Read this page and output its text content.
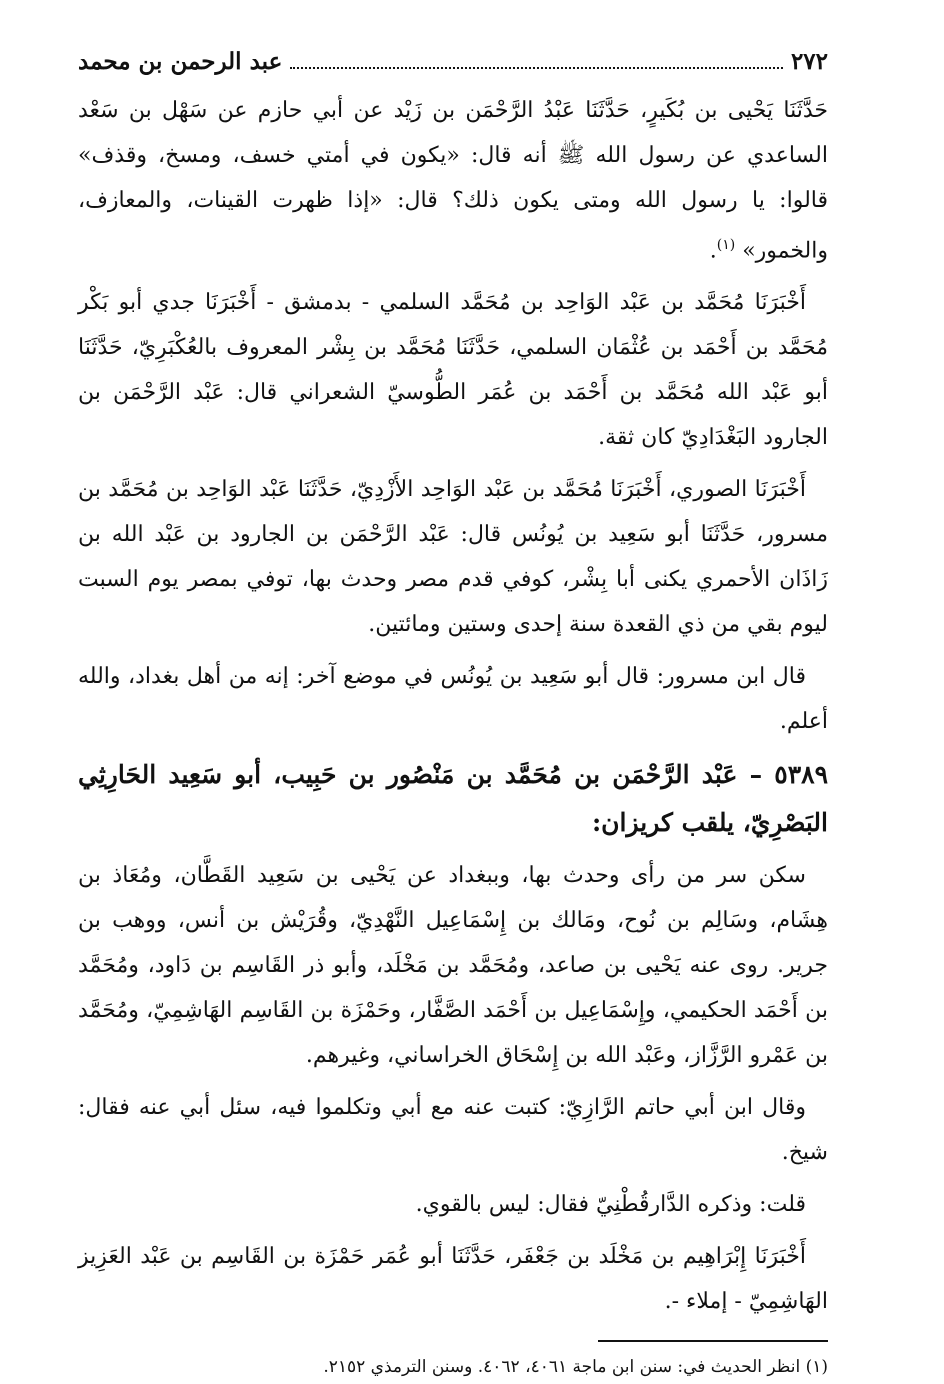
٢٧٢
عبد الرحمن بن محمد

حَدَّثَنَا يَحْيى بن بُكَيرٍ، حَدَّثَنَا عَبْدُ الرَّحْمَن بن زَيْد عن أبي حازم عن سَهْل بن سَعْد الساعدي عن رسول الله ﷺ أنه قال: «يكون في أمتي خسف، ومسخ، وقذف» قالوا: يا رسول الله ومتى يكون ذلك؟ قال: «إذا ظهرت القينات، والمعازف، والخمور» $^{(١)}$.

أَخْبَرَنَا مُحَمَّد بن عَبْد الوَاحِد بن مُحَمَّد السلمي - بدمشق - أَخْبَرَنَا جدي أبو بَكْر مُحَمَّد بن أَحْمَد بن عُثْمَان السلمي، حَدَّثَنَا مُحَمَّد بن بِشْر المعروف بالعُكْبَرِيّ، حَدَّثَنَا أبو عَبْد الله مُحَمَّد بن أَحْمَد بن عُمَر الطُّوسيّ الشعراني قال: عَبْد الرَّحْمَن بن الجارود البَغْدَادِيّ كان ثقة.

أَخْبَرَنَا الصوري، أَخْبَرَنَا مُحَمَّد بن عَبْد الوَاحِد الأَزْدِيّ، حَدَّثَنَا عَبْد الوَاحِد بن مُحَمَّد بن مسرور، حَدَّثَنَا أبو سَعِيد بن يُونُس قال: عَبْد الرَّحْمَن بن الجارود بن عَبْد الله بن زَاذَان الأحمري يكنى أبا بِشْر، كوفي قدم مصر وحدث بها، توفي بمصر يوم السبت ليوم بقي من ذي القعدة سنة إحدى وستين ومائتين.

قال ابن مسرور: قال أبو سَعِيد بن يُونُس في موضع آخر: إنه من أهل بغداد، والله أعلم.

٥٣٨٩ – عَبْد الرَّحْمَن بن مُحَمَّد بن مَنْصُور بن حَبِيب، أبو سَعِيد الحَارِثِي البَصْرِيّ، يلقب كريزان:

سكن سر من رأى وحدث بها، وببغداد عن يَحْيى بن سَعِيد القَطَّان، ومُعَاذ بن هِشَام، وسَالِم بن نُوح، ومَالك بن إِسْمَاعِيل النَّهْدِيّ، وقُرَيْش بن أنس، ووهب بن جرير. روى عنه يَحْيى بن صاعد، ومُحَمَّد بن مَخْلَد، وأبو ذر القَاسِم بن دَاود، ومُحَمَّد بن أَحْمَد الحكيمي، وإِسْمَاعِيل بن أَحْمَد الصَّفَّار، وحَمْزَة بن القَاسِم الهَاشِمِيّ، ومُحَمَّد بن عَمْرو الرَّزَّاز، وعَبْد الله بن إِسْحَاق الخراساني، وغيرهم.

وقال ابن أبي حاتم الرَّازِيّ: كتبت عنه مع أبي وتكلموا فيه، سئل أبي عنه فقال: شيخ.

قلت: وذكره الدَّارقُطْنِيّ فقال: ليس بالقوي.

أَخْبَرَنَا إِبْرَاهِيم بن مَخْلَد بن جَعْفَر، حَدَّثَنَا أبو عُمَر حَمْزَة بن القَاسِم بن عَبْد العَزِيز الهَاشِمِيّ - إملاء -.

(١) انظر الحديث في: سنن ابن ماجة ٤٠٦١، ٤٠٦٢. وسنن الترمذي ٢١٥٢.
